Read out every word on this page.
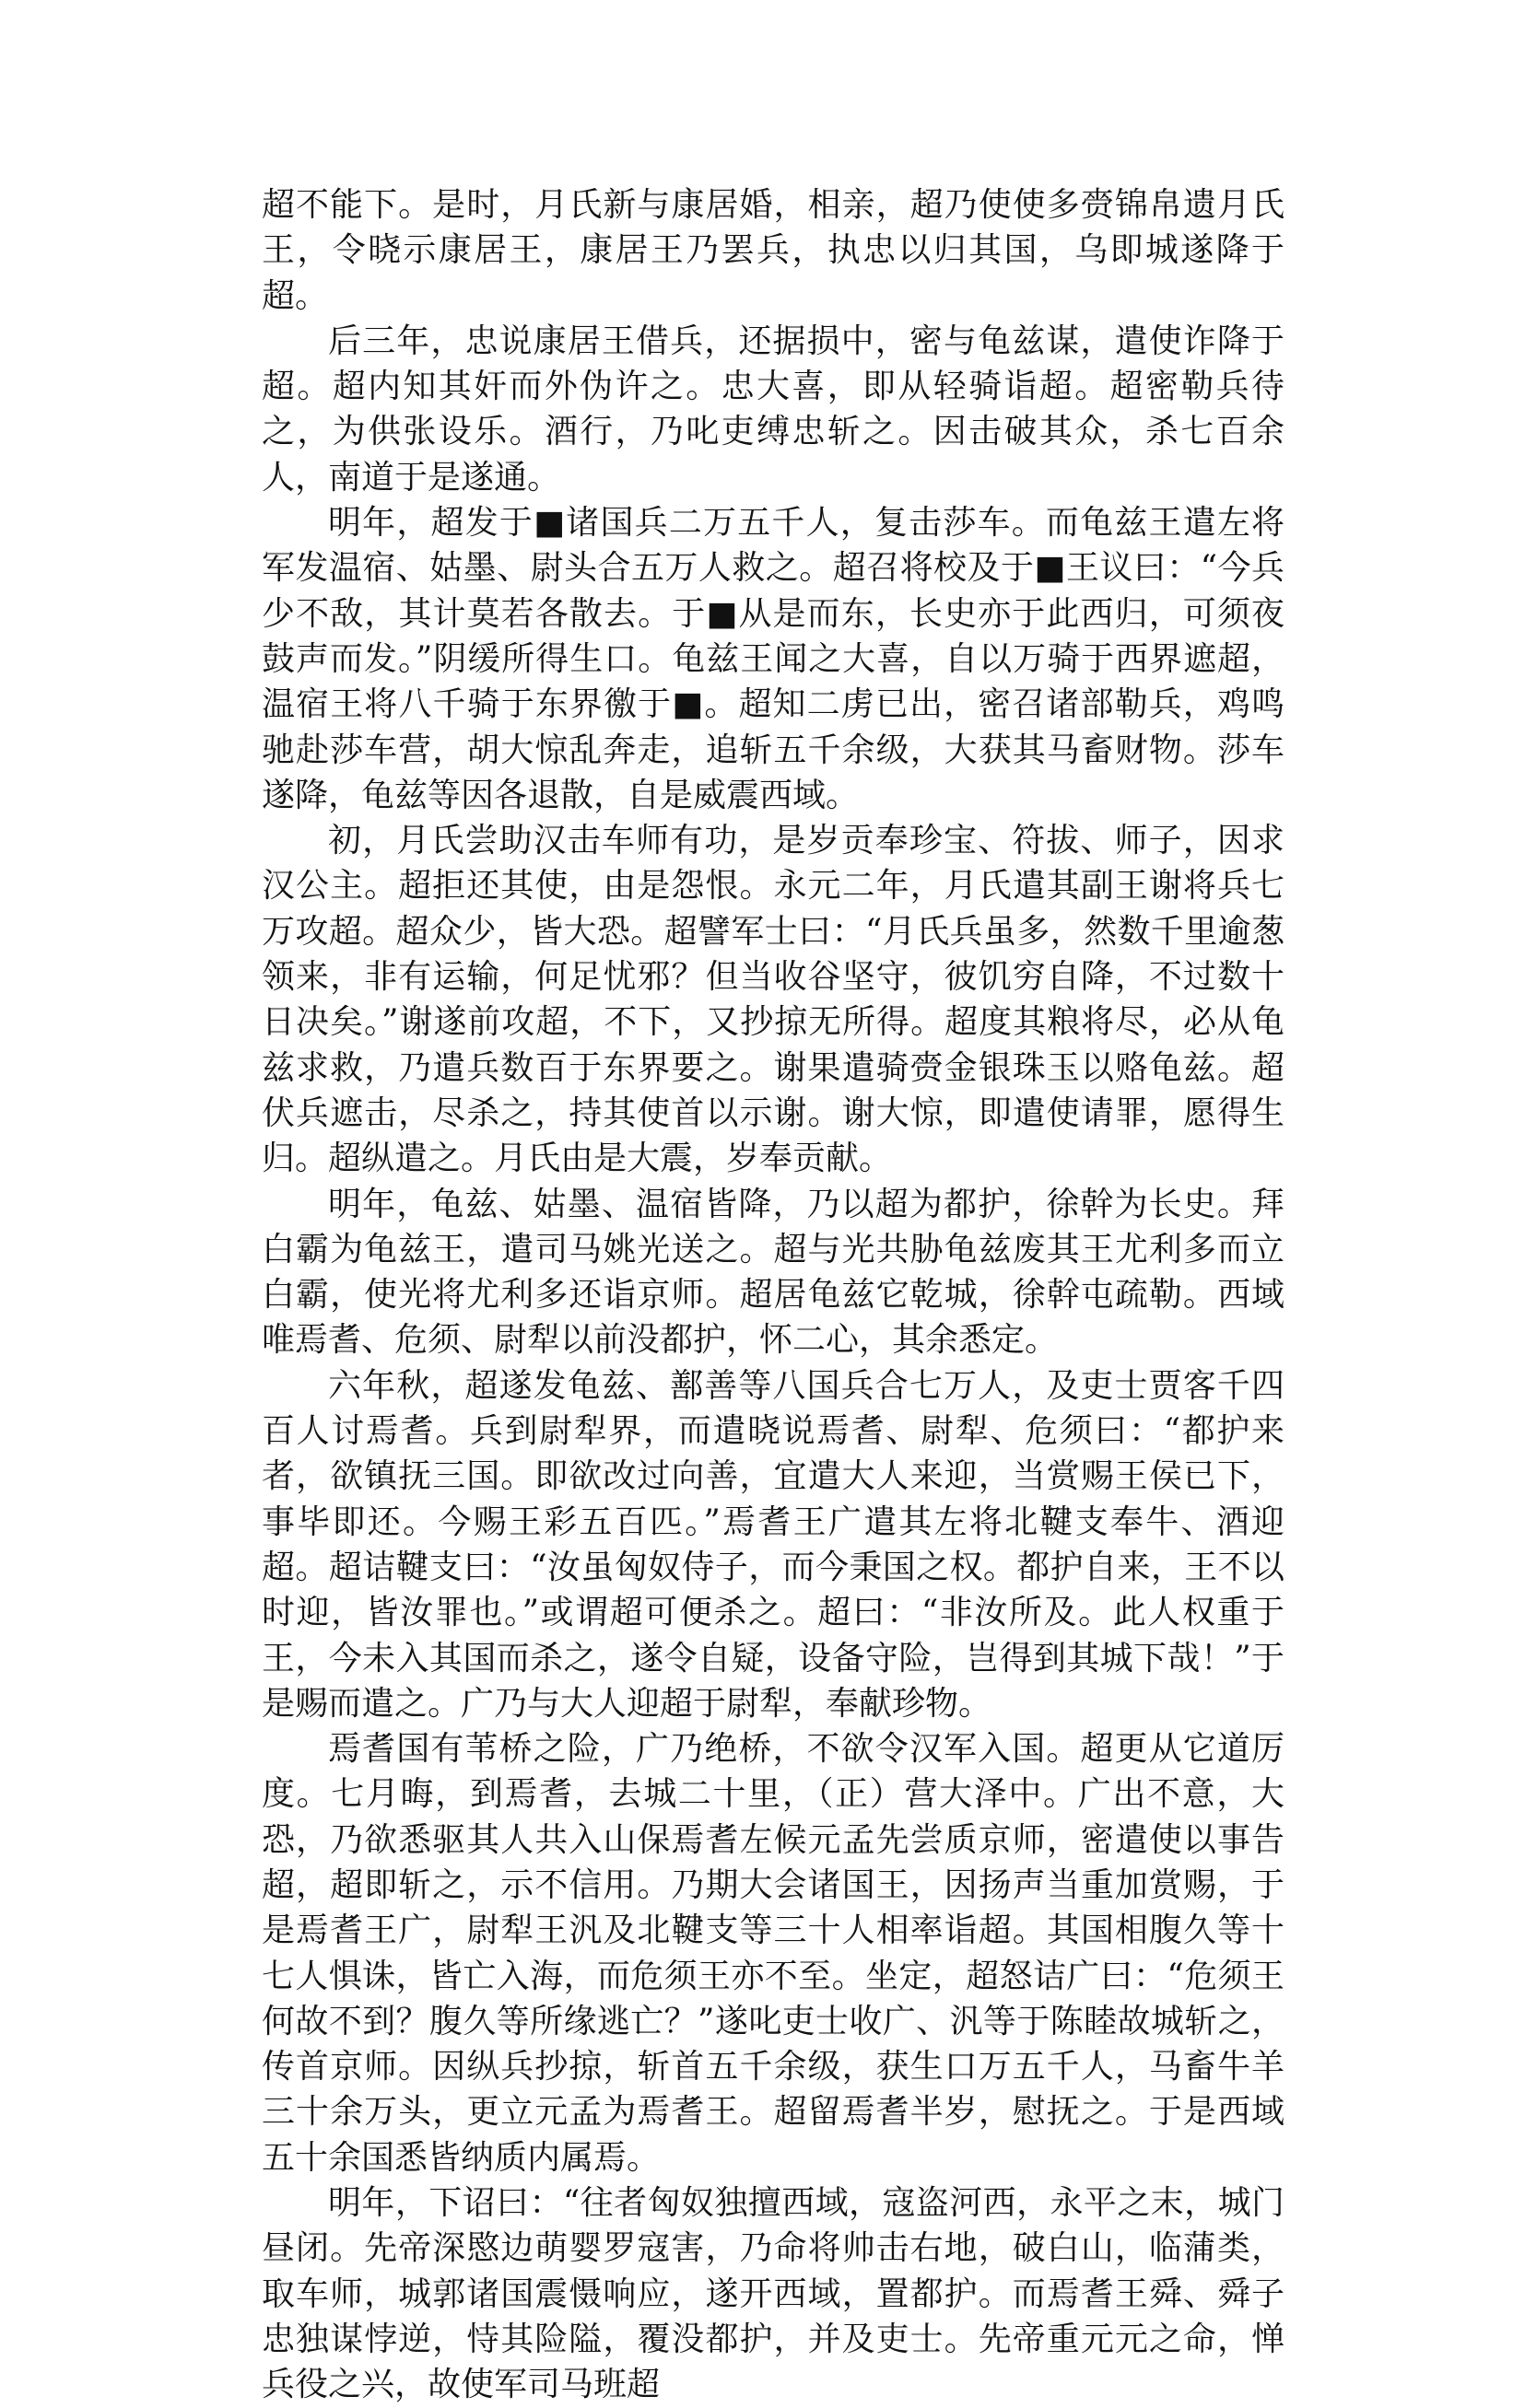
超不能下。是时，月氏新与康居婚，相亲，超乃使使多赍锦帛遗月氏王，令晓示康居王，康居王乃罢兵，执忠以归其国，乌即城遂降于超。

后三年，忠说康居王借兵，还据损中，密与龟兹谋，遣使诈降于超。超内知其奸而外伪许之。忠大喜，即从轻骑诣超。超密勒兵待之，为供张设乐。酒行，乃叱吏缚忠斩之。因击破其众，杀七百余人，南道于是遂通。

明年，超发于■诸国兵二万五千人，复击莎车。而龟兹王遣左将军发温宿、姑墨、尉头合五万人救之。超召将校及于■王议曰：“今兵少不敌，其计莫若各散去。于■从是而东，长史亦于此西归，可须夜鼓声而发。”阴缓所得生口。龟兹王闻之大喜，自以万骑于西界遮超，温宿王将八千骑于东界徼于■。超知二虏已出，密召诸部勒兵，鸡鸣驰赴莎车营，胡大惊乱奔走，追斩五千余级，大获其马畜财物。莎车遂降，龟兹等因各退散，自是威震西域。

初，月氏尝助汉击车师有功，是岁贡奉珍宝、符拔、师子，因求汉公主。超拒还其使，由是怨恨。永元二年，月氏遣其副王谢将兵七万攻超。超众少，皆大恐。超譬军士曰：“月氏兵虽多，然数千里逾葱领来，非有运输，何足忧邪？但当收谷坚守，彼饥穷自降，不过数十日决矣。”谢遂前攻超，不下，又抄掠无所得。超度其粮将尽，必从龟兹求救，乃遣兵数百于东界要之。谢果遣骑赍金银珠玉以赂龟兹。超伏兵遮击，尽杀之，持其使首以示谢。谢大惊，即遣使请罪，愿得生归。超纵遣之。月氏由是大震，岁奉贡献。

明年，龟兹、姑墨、温宿皆降，乃以超为都护，徐幹为长史。拜白霸为龟兹王，遣司马姚光送之。超与光共胁龟兹废其王尤利多而立白霸，使光将尤利多还诣京师。超居龟兹它乾城，徐幹屯疏勒。西域唯焉耆、危须、尉犁以前没都护，怀二心，其余悉定。

六年秋，超遂发龟兹、鄯善等八国兵合七万人，及吏士贾客千四百人讨焉耆。兵到尉犁界，而遣晓说焉耆、尉犁、危须曰：“都护来者，欲镇抚三国。即欲改过向善，宜遣大人来迎，当赏赐王侯已下，事毕即还。今赐王彩五百匹。”焉耆王广遣其左将北鞬支奉牛、酒迎超。超诘鞬支曰：“汝虽匈奴侍子，而今秉国之权。都护自来，王不以时迎，皆汝罪也。”或谓超可便杀之。超曰：“非汝所及。此人权重于王，今未入其国而杀之，遂令自疑，设备守险，岂得到其城下哉！”于是赐而遣之。广乃与大人迎超于尉犁，奉献珍物。

焉耆国有苇桥之险，广乃绝桥，不欲令汉军入国。超更从它道厉度。七月晦，到焉耆，去城二十里，（正）营大泽中。广出不意，大恐，乃欲悉驱其人共入山保焉耆左候元孟先尝质京师，密遣使以事告超，超即斩之，示不信用。乃期大会诸国王，因扬声当重加赏赐，于是焉耆王广，尉犁王汎及北鞬支等三十人相率诣超。其国相腹久等十七人惧诛，皆亡入海，而危须王亦不至。坐定，超怒诘广曰：“危须王何故不到？腹久等所缘逃亡？”遂叱吏士收广、汎等于陈睦故城斩之，传首京师。因纵兵抄掠，斩首五千余级，获生口万五千人，马畜牛羊三十余万头，更立元孟为焉耆王。超留焉耆半岁，慰抚之。于是西域五十余国悉皆纳质内属焉。

明年，下诏曰：“往者匈奴独擅西域，寇盗河西，永平之末，城门昼闭。先帝深愍边萌婴罗寇害，乃命将帅击右地，破白山，临蒲类，取车师，城郭诸国震慑响应，遂开西域，置都护。而焉耆王舜、舜子忠独谋悖逆，恃其险隘，覆没都护，并及吏士。先帝重元元之命，惮兵役之兴，故使军司马班超
